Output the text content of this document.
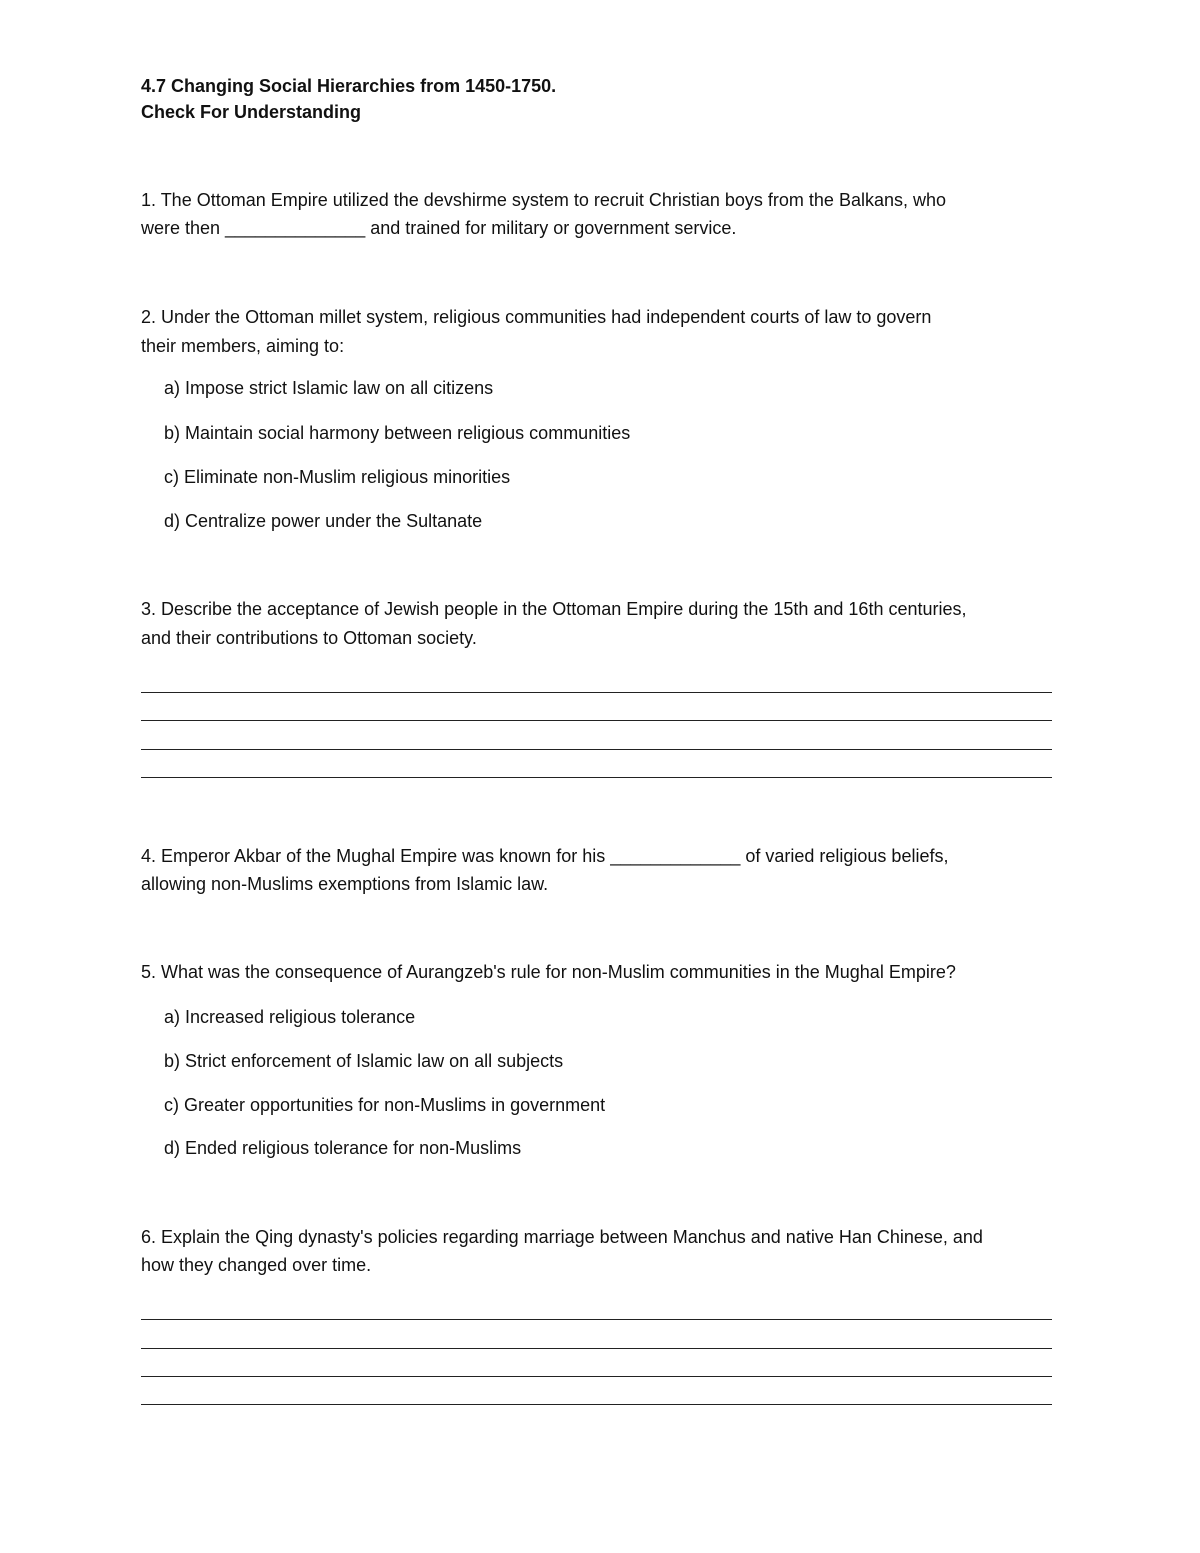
4.7 Changing Social Hierarchies from 1450-1750.
Check For Understanding
1. The Ottoman Empire utilized the devshirme system to recruit Christian boys from the Balkans, who
were then ______________ and trained for military or government service.
2. Under the Ottoman millet system, religious communities had independent courts of law to govern
their members, aiming to:
a) Impose strict Islamic law on all citizens
b) Maintain social harmony between religious communities
c) Eliminate non-Muslim religious minorities
d) Centralize power under the Sultanate
3. Describe the acceptance of Jewish people in the Ottoman Empire during the 15th and 16th centuries,
and their contributions to Ottoman society.
4. Emperor Akbar of the Mughal Empire was known for his _____________ of varied religious beliefs,
allowing non-Muslims exemptions from Islamic law.
5. What was the consequence of Aurangzeb's rule for non-Muslim communities in the Mughal Empire?
a) Increased religious tolerance
b) Strict enforcement of Islamic law on all subjects
c) Greater opportunities for non-Muslims in government
d) Ended religious tolerance for non-Muslims
6. Explain the Qing dynasty's policies regarding marriage between Manchus and native Han Chinese, and
how they changed over time.
